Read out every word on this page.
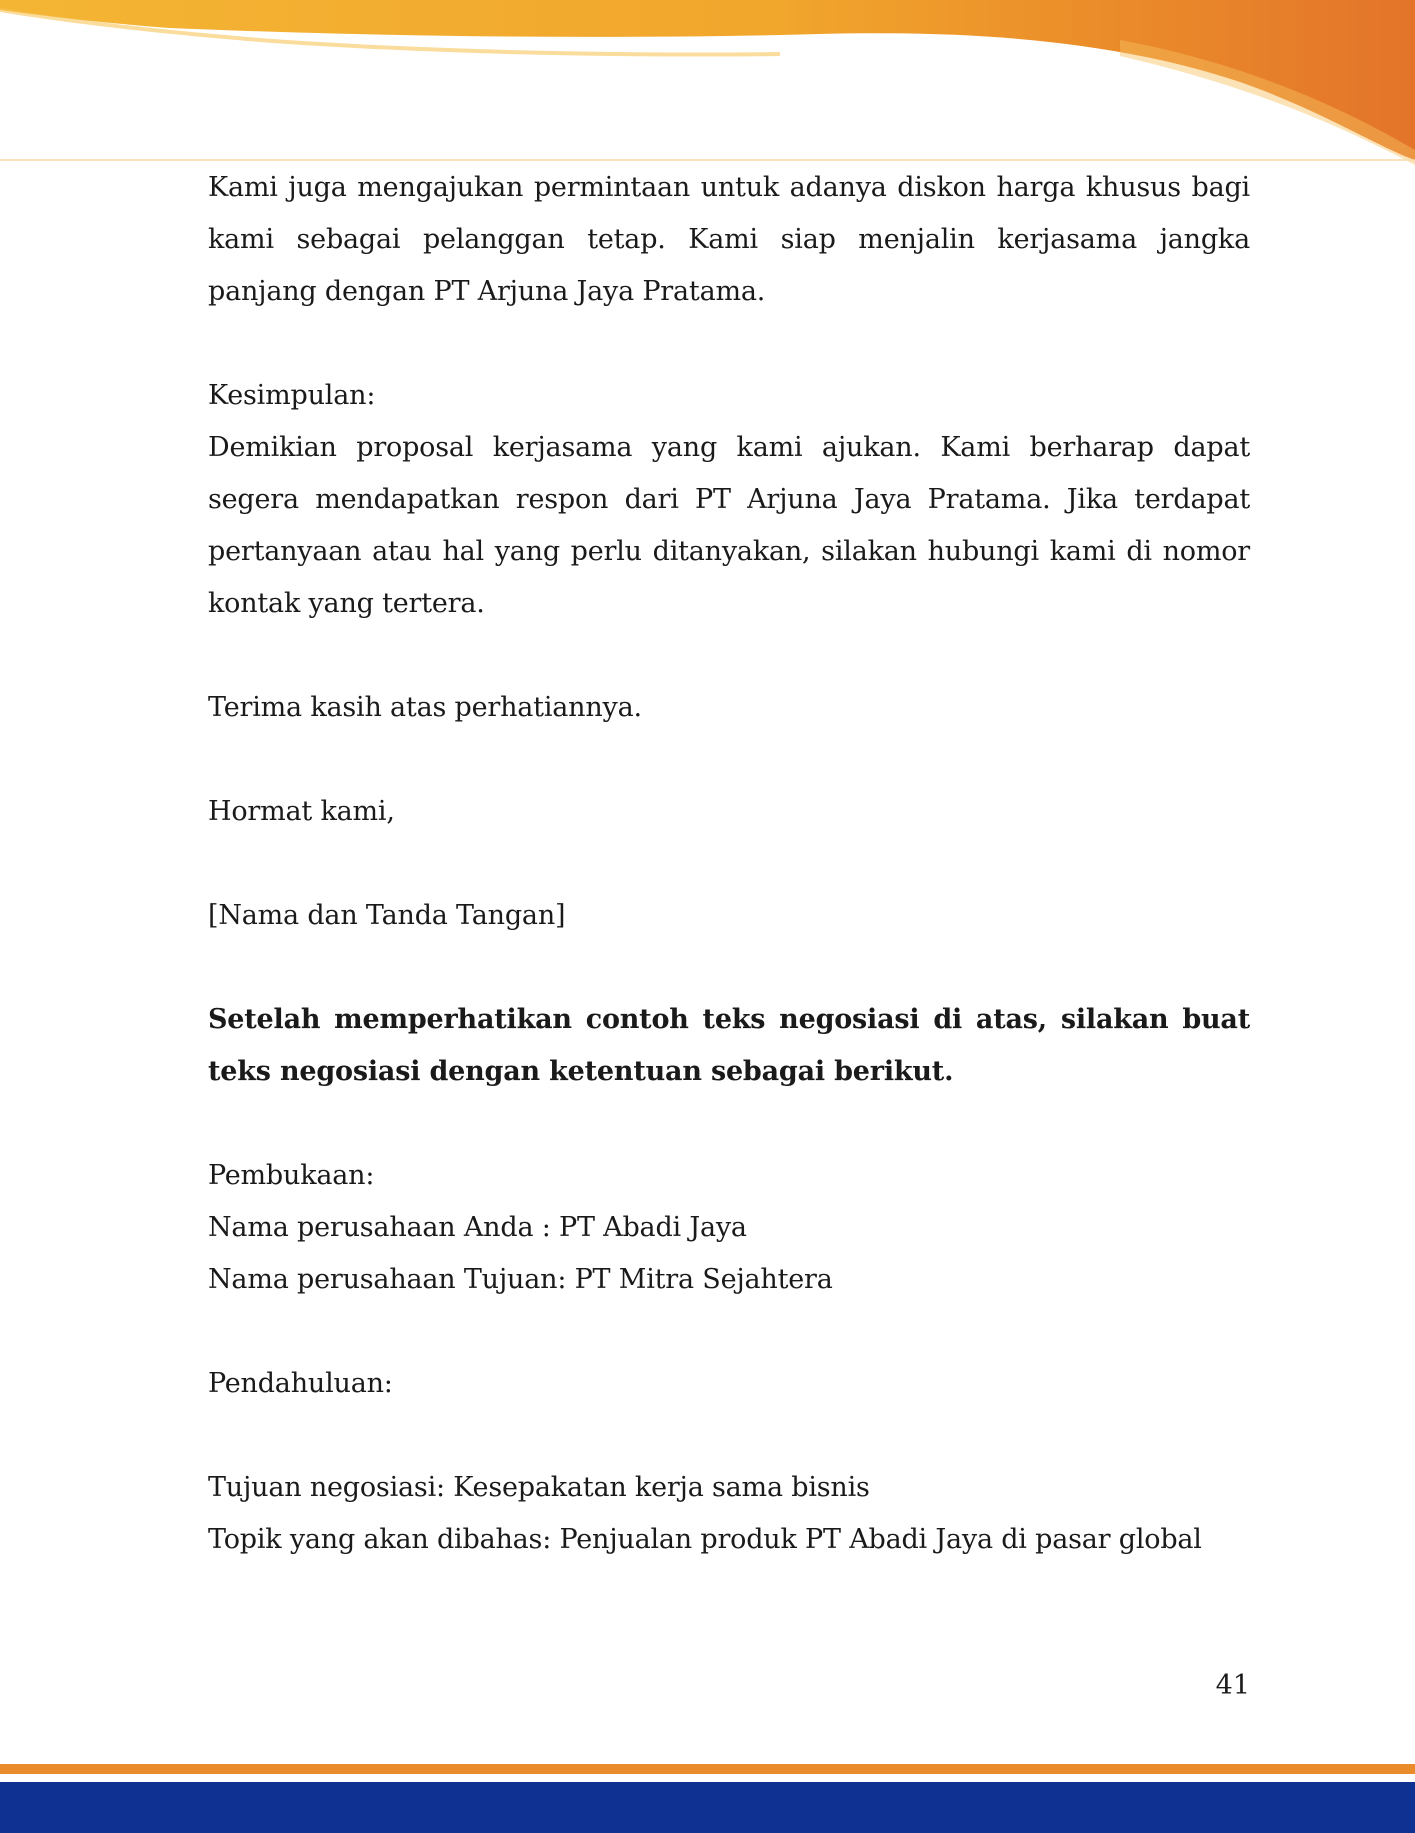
Kami juga mengajukan permintaan untuk adanya diskon harga khusus bagi kami sebagai pelanggan tetap. Kami siap menjalin kerjasama jangka panjang dengan PT Arjuna Jaya Pratama.

Kesimpulan:

Demikian proposal kerjasama yang kami ajukan. Kami berharap dapat segera mendapatkan respon dari PT Arjuna Jaya Pratama. Jika terdapat pertanyaan atau hal yang perlu ditanyakan, silakan hubungi kami di nomor kontak yang tertera.

Terima kasih atas perhatiannya.

Hormat kami,

[Nama dan Tanda Tangan]

Setelah memperhatikan contoh teks negosiasi di atas, silakan buat teks negosiasi dengan ketentuan sebagai berikut.

Pembukaan:

Nama perusahaan Anda : PT Abadi Jaya

Nama perusahaan Tujuan: PT Mitra Sejahtera

Pendahuluan:

Tujuan negosiasi: Kesepakatan kerja sama bisnis

Topik yang akan dibahas: Penjualan produk PT Abadi Jaya di pasar global

41
